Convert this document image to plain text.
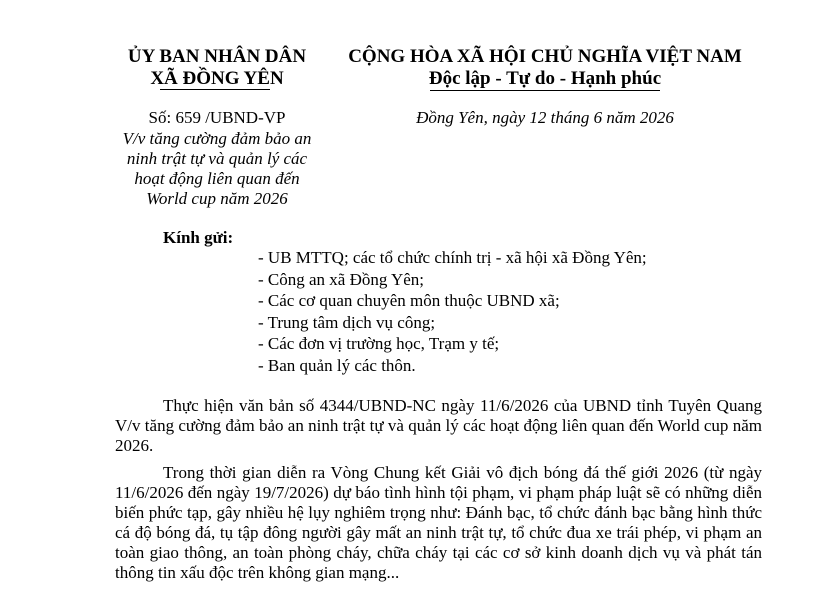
ỦY BAN NHÂN DÂN
XÃ ĐỒNG YÊN
CỘNG HÒA XÃ HỘI CHỦ NGHĨA VIỆT NAM
Độc lập - Tự do - Hạnh phúc
Số: 659 /UBND-VP
V/v tăng cường đảm bảo an
ninh trật tự và quản lý các
hoạt động liên quan đến
World cup năm 2026
Đồng Yên, ngày 12 tháng 6 năm 2026
Kính gửi:
- UB MTTQ; các tổ chức chính trị - xã hội xã Đồng Yên;
- Công an xã Đồng Yên;
- Các cơ quan chuyên môn thuộc UBND xã;
- Trung tâm dịch vụ công;
- Các đơn vị trường học, Trạm y tế;
- Ban quản lý các thôn.
Thực hiện văn bản số 4344/UBND-NC ngày 11/6/2026 của UBND tỉnh Tuyên Quang V/v tăng cường đảm bảo an ninh trật tự và quản lý các hoạt động liên quan đến World cup năm 2026.
Trong thời gian diễn ra Vòng Chung kết Giải vô địch bóng đá thế giới 2026 (từ ngày 11/6/2026 đến ngày 19/7/2026) dự báo tình hình tội phạm, vi phạm pháp luật sẽ có những diễn biến phức tạp, gây nhiều hệ lụy nghiêm trọng như: Đánh bạc, tổ chức đánh bạc bằng hình thức cá độ bóng đá, tụ tập đông người gây mất an ninh trật tự, tổ chức đua xe trái phép, vi phạm an toàn giao thông, an toàn phòng cháy, chữa cháy tại các cơ sở kinh doanh dịch vụ và phát tán thông tin xấu độc trên không gian mạng...
